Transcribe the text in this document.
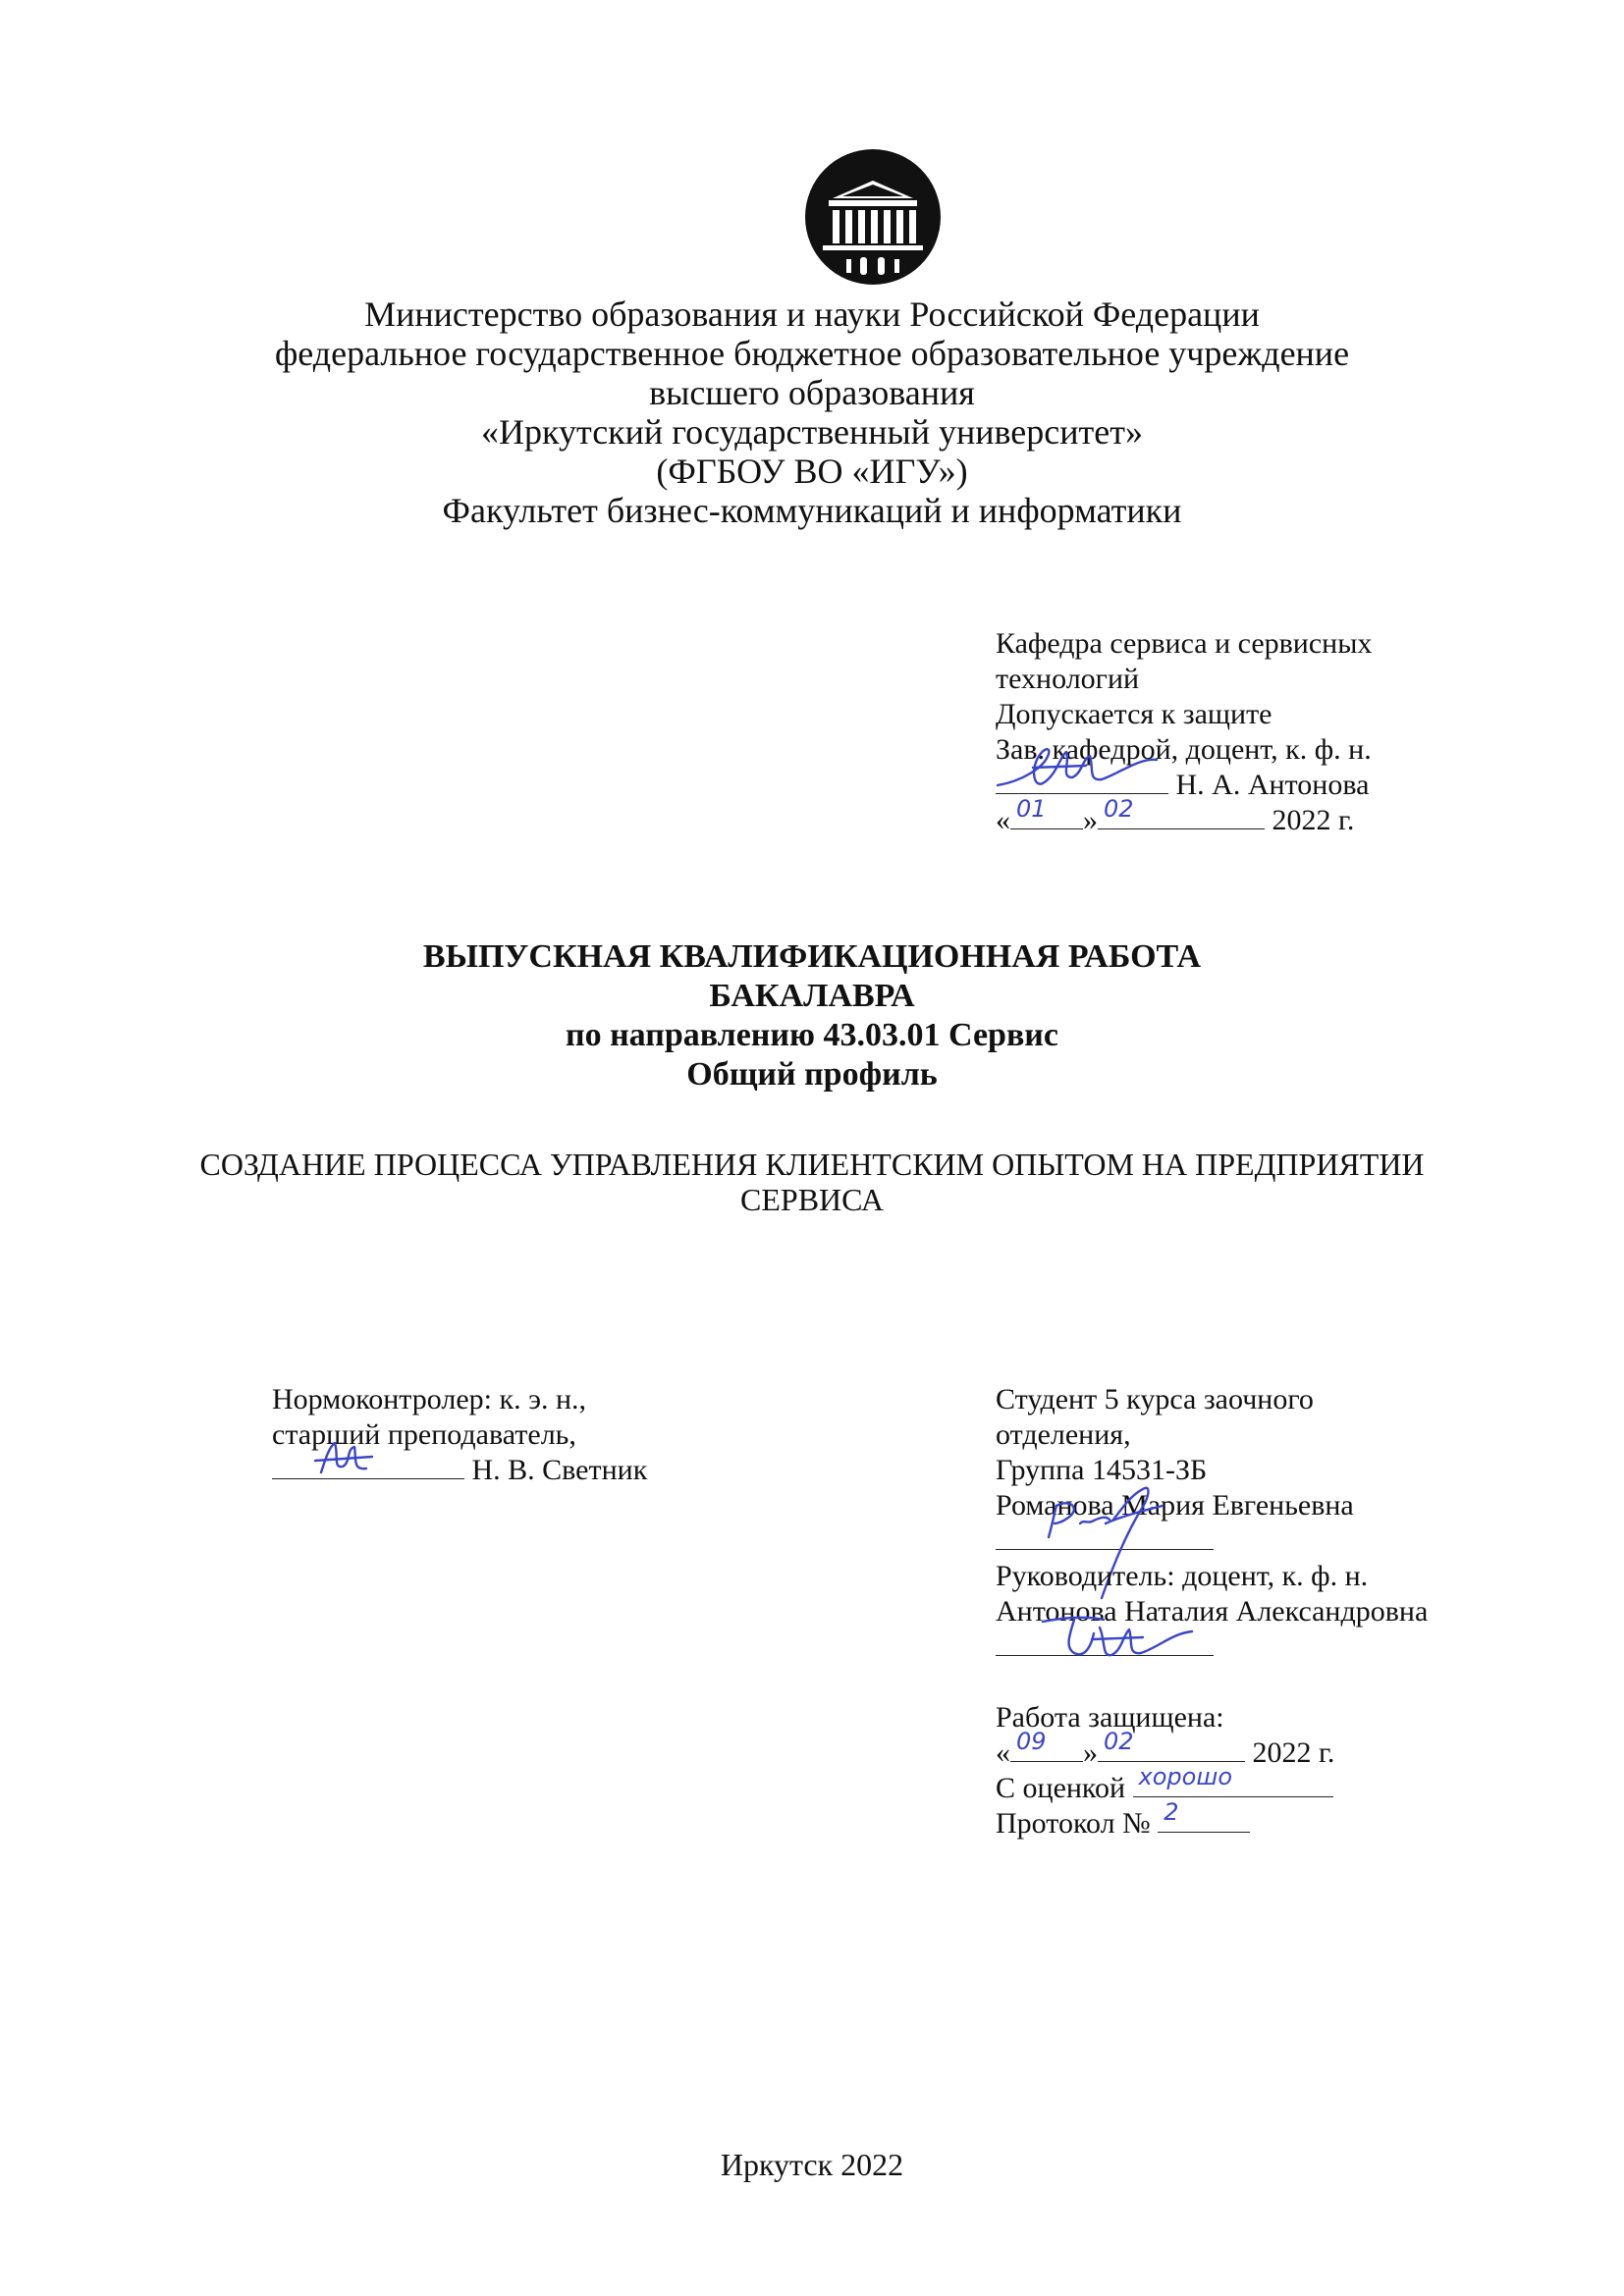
Министерство образования и науки Российской Федерации
федеральное государственное бюджетное образовательное учреждение
высшего образования
«Иркутский государственный университет»
(ФГБОУ ВО «ИГУ»)
Факультет бизнес-коммуникаций и информатики
Кафедра сервиса и сервисных
технологий
Допускается к защите
Зав. кафедрой, доцент, к. ф. н.
Н. А. Антонова
« 01 » 02	2022 г.
ВЫПУСКНАЯ КВАЛИФИКАЦИОННАЯ РАБОТА
БАКАЛАВРА
по направлению 43.03.01 Сервис
Общий профиль
СОЗДАНИЕ ПРОЦЕССА УПРАВЛЕНИЯ КЛИЕНТСКИМ ОПЫТОМ НА ПРЕДПРИЯТИИ
СЕРВИСА
Нормоконтролер: к. э. н.,
старший преподаватель,
Н. В. Светник
Студент 5 курса заочного
отделения,
Группа 14531-ЗБ
Романова Мария Евгеньевна
Руководитель: доцент, к. ф. н.
Антонова Наталия Александровна
Работа защищена:
« 09 » 02	2022 г.
С оценкой хорошо
Протокол № 2
Иркутск 2022
